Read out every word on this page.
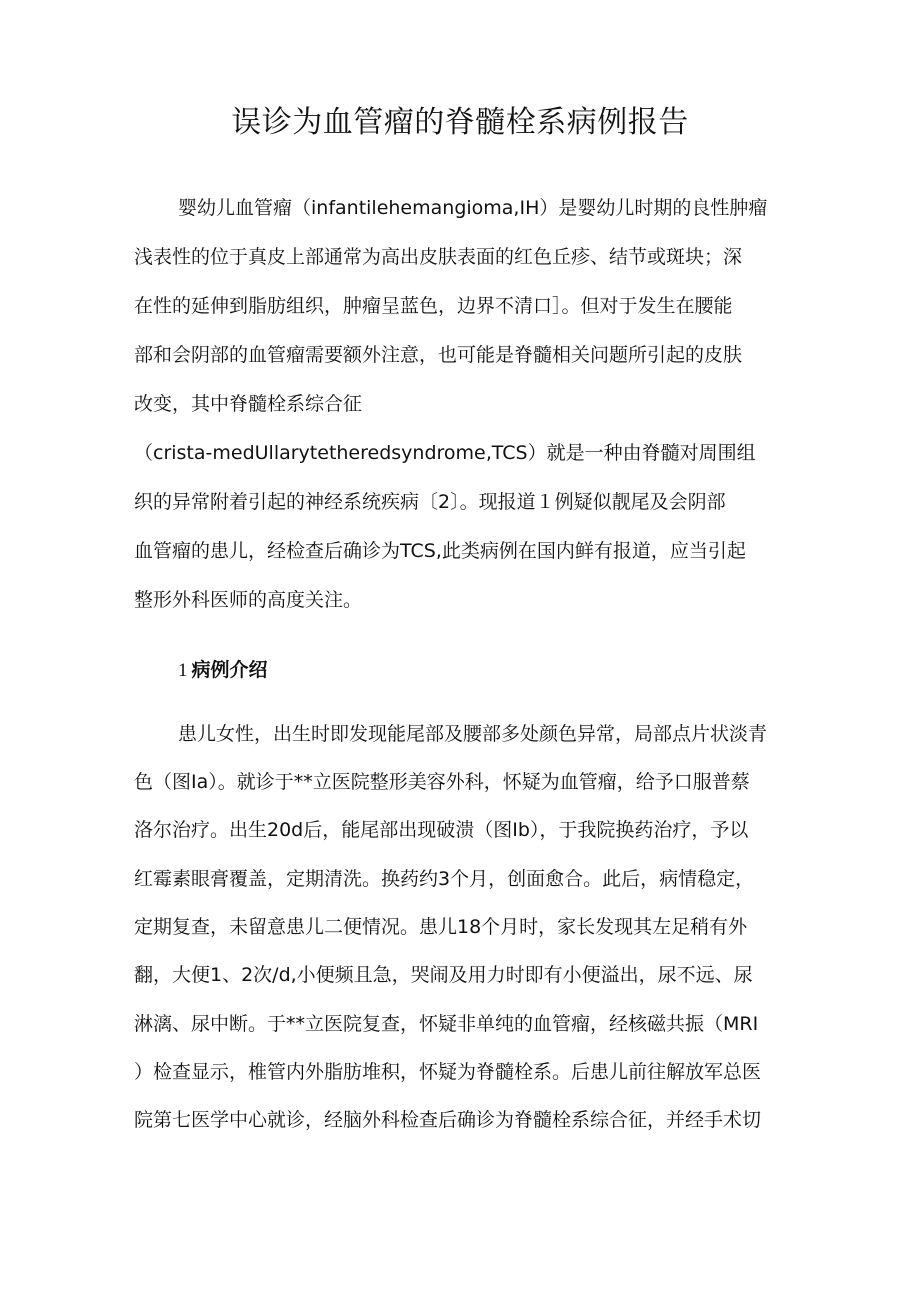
误诊为血管瘤的脊髓栓系病例报告

婴幼儿血管瘤（infantilehemangioma,IH）是婴幼儿时期的良性肿瘤

浅表性的位于真皮上部通常为高出皮肤表面的红色丘疹、结节或斑块；深

在性的延伸到脂肪组织，肿瘤呈蓝色，边界不清口］。但对于发生在腰能

部和会阴部的血管瘤需要额外注意，也可能是脊髓相关问题所引起的皮肤

改变，其中脊髓栓系综合征

（crista-medUllarytetheredsyndrome‚TCS）就是一种由脊髓对周围组

织的异常附着引起的神经系统疾病〔2〕。现报道１例疑似靓尾及会阴部

血管瘤的患儿，经检查后确诊为TCS,此类病例在国内鲜有报道，应当引起

整形外科医师的高度关注。

1 病例介绍

患儿女性，出生时即发现能尾部及腰部多处颜色异常，局部点片状淡青

色（图Ia）。就诊于**立医院整形美容外科，怀疑为血管瘤，给予口服普蔡

洛尔治疗。出生20d后，能尾部出现破溃（图Ib），于我院换药治疗，予以

红霉素眼膏覆盖，定期清洗。换药约3个月，创面愈合。此后，病情稳定，

定期复查，未留意患儿二便情况。患儿18个月时，家长发现其左足稍有外

翻，大便1、2次/d,小便频且急，哭闹及用力时即有小便溢出，尿不远、尿

淋漓、尿中断。于**立医院复查，怀疑非单纯的血管瘤，经核磁共振（MRI

）检查显示，椎管内外脂肪堆积，怀疑为脊髓栓系。后患儿前往解放军总医

院第七医学中心就诊，经脑外科检查后确诊为脊髓栓系综合征，并经手术切
